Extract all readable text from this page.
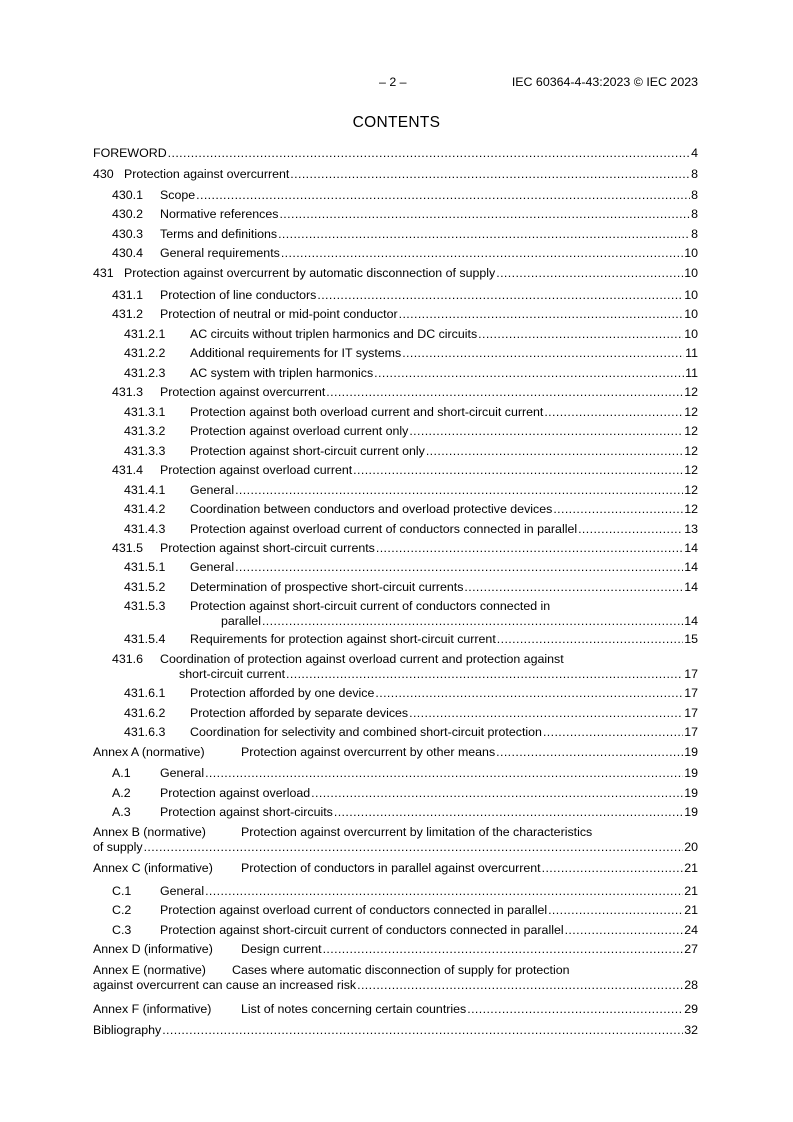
– 2 –	IEC 60364-4-43:2023 © IEC 2023
CONTENTS
FOREWORD .....	4
430 Protection against overcurrent .....	8
430.1	Scope .....	8
430.2	Normative references .....	8
430.3	Terms and definitions .....	8
430.4	General requirements .....	10
431 Protection against overcurrent by automatic disconnection of supply .....	10
431.1	Protection of line conductors .....	10
431.2	Protection of neutral or mid-point conductor .....	10
431.2.1	AC circuits without triplen harmonics and DC circuits .....	10
431.2.2	Additional requirements for IT systems .....	11
431.2.3	AC system with triplen harmonics .....	11
431.3	Protection against overcurrent .....	12
431.3.1	Protection against both overload current and short-circuit current .....	12
431.3.2	Protection against overload current only .....	12
431.3.3	Protection against short-circuit current only .....	12
431.4	Protection against overload current .....	12
431.4.1	General .....	12
431.4.2	Coordination between conductors and overload protective devices .....	12
431.4.3	Protection against overload current of conductors connected in parallel .....	13
431.5	Protection against short-circuit currents .....	14
431.5.1	General .....	14
431.5.2	Determination of prospective short-circuit currents .....	14
431.5.3 Protection against short-circuit current of conductors connected in
parallel .....	14
431.5.4	Requirements for protection against short-circuit current .....	15
431.6 Coordination of protection against overload current and protection against
short-circuit current .....	17
431.6.1	Protection afforded by one device .....	17
431.6.2	Protection afforded by separate devices .....	17
431.6.3	Coordination for selectivity and combined short-circuit protection .....	17
Annex A (normative)	Protection against overcurrent by other means .....	19
A.1	General .....	19
A.2	Protection against overload .....	19
A.3	Protection against short-circuits .....	19
Annex B (normative)	Protection against overcurrent by limitation of the characteristics
of supply .....	20
Annex C (informative)	Protection of conductors in parallel against overcurrent .....	21
C.1	General .....	21
C.2	Protection against overload current of conductors connected in parallel .....	21
C.3	Protection against short-circuit current of conductors connected in parallel .....	24
Annex D (informative)	Design current .....	27
Annex E (normative) Cases where automatic disconnection of supply for protection
against overcurrent can cause an increased risk .....	28
Annex F (informative)	List of notes concerning certain countries .....	29
Bibliography .....	32
